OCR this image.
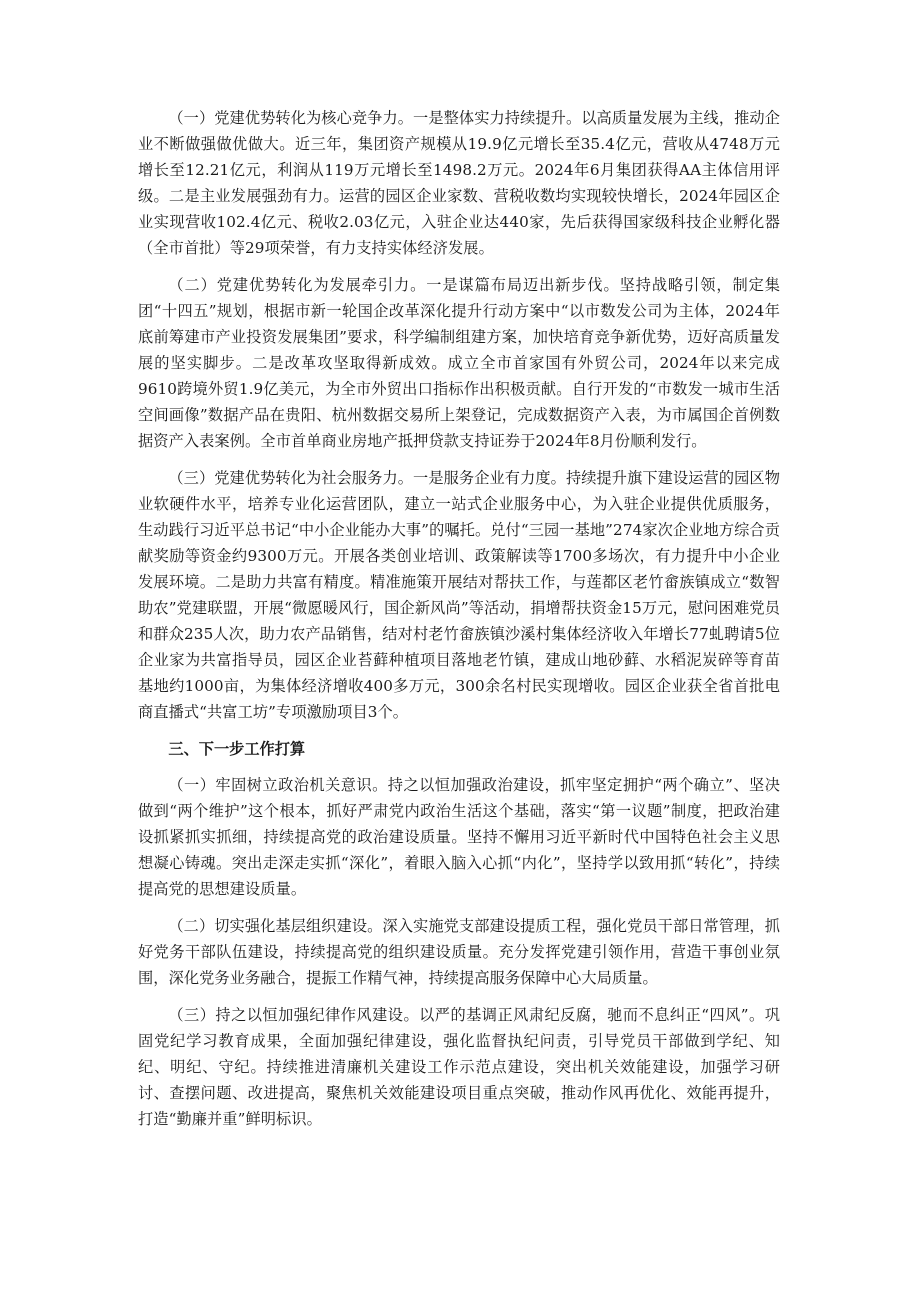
（一）党建优势转化为核心竞争力。一是整体实力持续提升。以高质量发展为主线，推动企业不断做强做优做大。近三年，集团资产规模从19.9亿元增长至35.4亿元，营收从4748万元增长至12.21亿元，利润从119万元增长至1498.2万元。2024年6月集团获得AA主体信用评级。二是主业发展强劲有力。运营的园区企业家数、营税收数均实现较快增长，2024年园区企业实现营收102.4亿元、税收2.03亿元，入驻企业达440家，先后获得国家级科技企业孵化器（全市首批）等29项荣誉，有力支持实体经济发展。

（二）党建优势转化为发展牵引力。一是谋篇布局迈出新步伐。坚持战略引领，制定集团“十四五”规划，根据市新一轮国企改革深化提升行动方案中“以市数发公司为主体，2024年底前筹建市产业投资发展集团”要求，科学编制组建方案，加快培育竞争新优势，迈好高质量发展的坚实脚步。二是改革攻坚取得新成效。成立全市首家国有外贸公司，2024年以来完成9610跨境外贸1.9亿美元，为全市外贸出口指标作出积极贡献。自行开发的“市数发一城市生活空间画像”数据产品在贵阳、杭州数据交易所上架登记，完成数据资产入表，为市属国企首例数据资产入表案例。全市首单商业房地产抵押贷款支持证券于2024年8月份顺利发行。

（三）党建优势转化为社会服务力。一是服务企业有力度。持续提升旗下建设运营的园区物业软硬件水平，培养专业化运营团队，建立一站式企业服务中心，为入驻企业提供优质服务，生动践行习近平总书记“中小企业能办大事”的嘱托。兑付“三园一基地”274家次企业地方综合贡献奖励等资金约9300万元。开展各类创业培训、政策解读等1700多场次，有力提升中小企业发展环境。二是助力共富有精度。精准施策开展结对帮扶工作，与莲都区老竹畲族镇成立“数智助农”党建联盟，开展“微愿暖风行，国企新风尚”等活动，捐增帮扶资金15万元，慰问困难党员和群众235人次，助力农产品销售，结对村老竹畲族镇沙溪村集体经济收入年增长77虬聘请5位企业家为共富指导员，园区企业苔藓种植项目落地老竹镇，建成山地砂藓、水稻泥炭碎等育苗基地约1000亩，为集体经济增收400多万元，300余名村民实现增收。园区企业获全省首批电商直播式“共富工坊”专项激励项目3个。

三、下一步工作打算

（一）牢固树立政治机关意识。持之以恒加强政治建设，抓牢坚定拥护“两个确立”、坚决做到“两个维护”这个根本，抓好严肃党内政治生活这个基础，落实“第一议题”制度，把政治建设抓紧抓实抓细，持续提高党的政治建设质量。坚持不懈用习近平新时代中国特色社会主义思想凝心铸魂。突出走深走实抓“深化”，着眼入脑入心抓“内化”，坚持学以致用抓“转化”，持续提高党的思想建设质量。

（二）切实强化基层组织建设。深入实施党支部建设提质工程，强化党员干部日常管理，抓好党务干部队伍建设，持续提高党的组织建设质量。充分发挥党建引领作用，营造干事创业氛围，深化党务业务融合，提振工作精气神，持续提高服务保障中心大局质量。

（三）持之以恒加强纪律作风建设。以严的基调正风肃纪反腐，驰而不息纠正“四风”。巩固党纪学习教育成果，全面加强纪律建设，强化监督执纪问责，引导党员干部做到学纪、知纪、明纪、守纪。持续推进清廉机关建设工作示范点建设，突出机关效能建设，加强学习研讨、查摆问题、改进提高，聚焦机关效能建设项目重点突破，推动作风再优化、效能再提升，打造“勤廉并重”鲜明标识。
